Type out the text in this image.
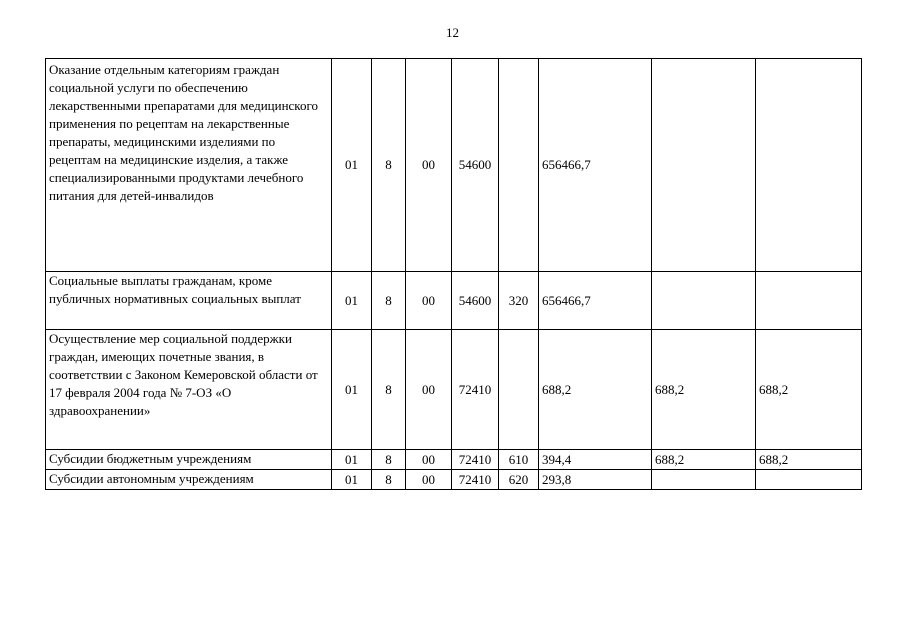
12
Оказание отдельным категориям граждан социальной услуги по обеспечению лекарственными препаратами для медицинского применения по рецептам на лекарственные препараты, медицинскими изделиями по рецептам на медицинские изделия, а также специализированными продуктами лечебного питания для детей-инвалидов	01	8	00	54600		656466,7		
Социальные выплаты гражданам, кроме публичных нормативных социальных выплат	01	8	00	54600	320	656466,7		
Осуществление мер социальной поддержки граждан, имеющих почетные звания, в соответствии с Законом Кемеровской области от 17 февраля 2004 года № 7-ОЗ «О здравоохранении»	01	8	00	72410		688,2	688,2	688,2
Субсидии бюджетным учреждениям	01	8	00	72410	610	394,4	688,2	688,2
Субсидии автономным учреждениям	01	8	00	72410	620	293,8		
